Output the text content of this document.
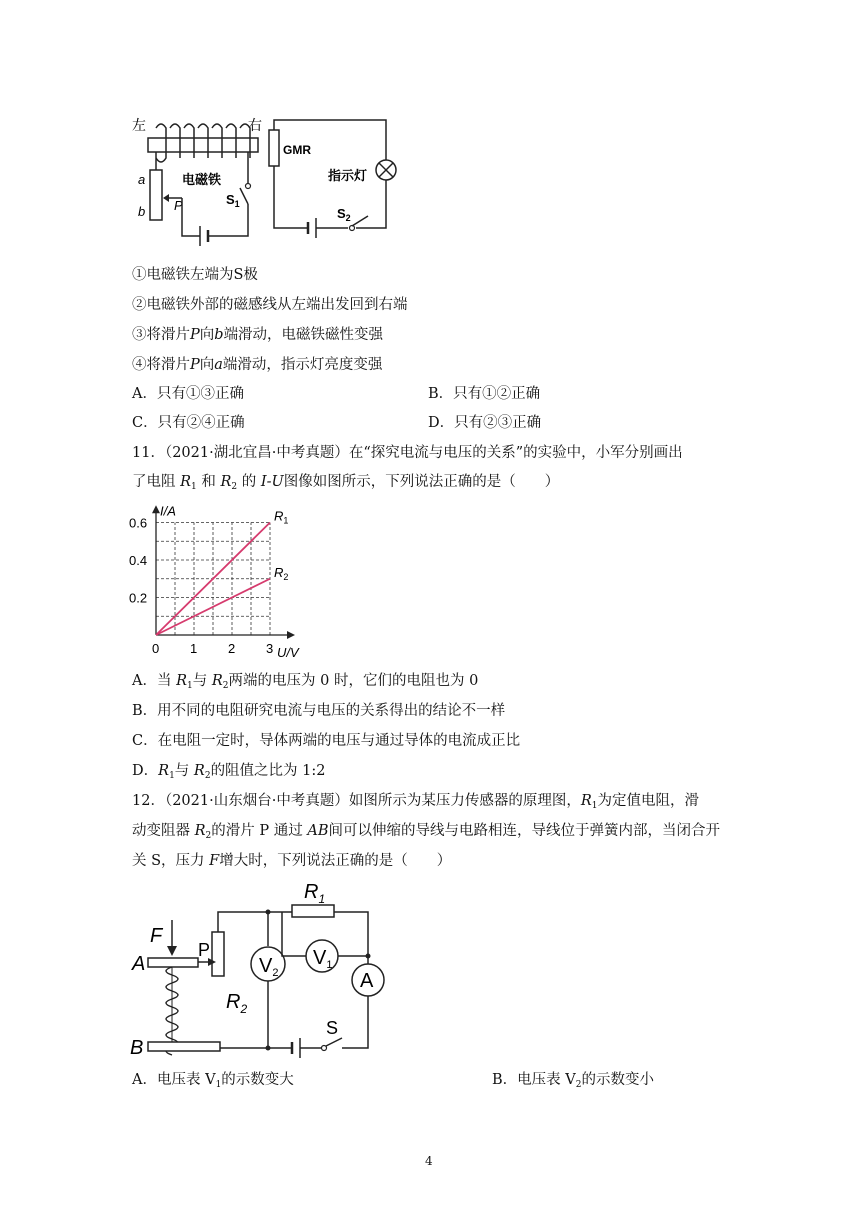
左	右
a
b P
电磁铁
$S_1$
GMR
指示灯
$S_2$
①电磁铁左端为S极
②电磁铁外部的磁感线从左端出发回到右端
③将滑片P向b端滑动，电磁铁磁性变强
④将滑片P向a端滑动，指示灯亮度变强
A．只有①③正确	B．只有①②正确
C．只有②④正确	D．只有②③正确
11．（2021·湖北宜昌·中考真题）在“探究电流与电压的关系”的实验中，小军分别画出
了电阻 $R_1$ 和 $R_2$ 的 I-U图像如图所示，下列说法正确的是（　　）
I/A
U/V
0 1 2 3
0.2
0.4
0.6	$R_1$
$R_2$
A．当 $R_1$与 $R_2$两端的电压为 0 时，它们的电阻也为 0
B．用不同的电阻研究电流与电压的关系得出的结论不一样
C．在电阻一定时，导体两端的电压与通过导体的电流成正比
D．$R_1$与 $R_2$的阻值之比为 1:2
12．（2021·山东烟台·中考真题）如图所示为某压力传感器的原理图，$R_1$为定值电阻，滑
动变阻器 $R_2$的滑片 P 通过 AB间可以伸缩的导线与电路相连，导线位于弹簧内部，当闭合开
关 S，压力 F增大时，下列说法正确的是（　　）
F
A
P
B
$R_2$
$V_2$
$R_1$
$V_1$
A
S
A．电压表 $V_1$的示数变大	B．电压表 $V_2$的示数变小
4
